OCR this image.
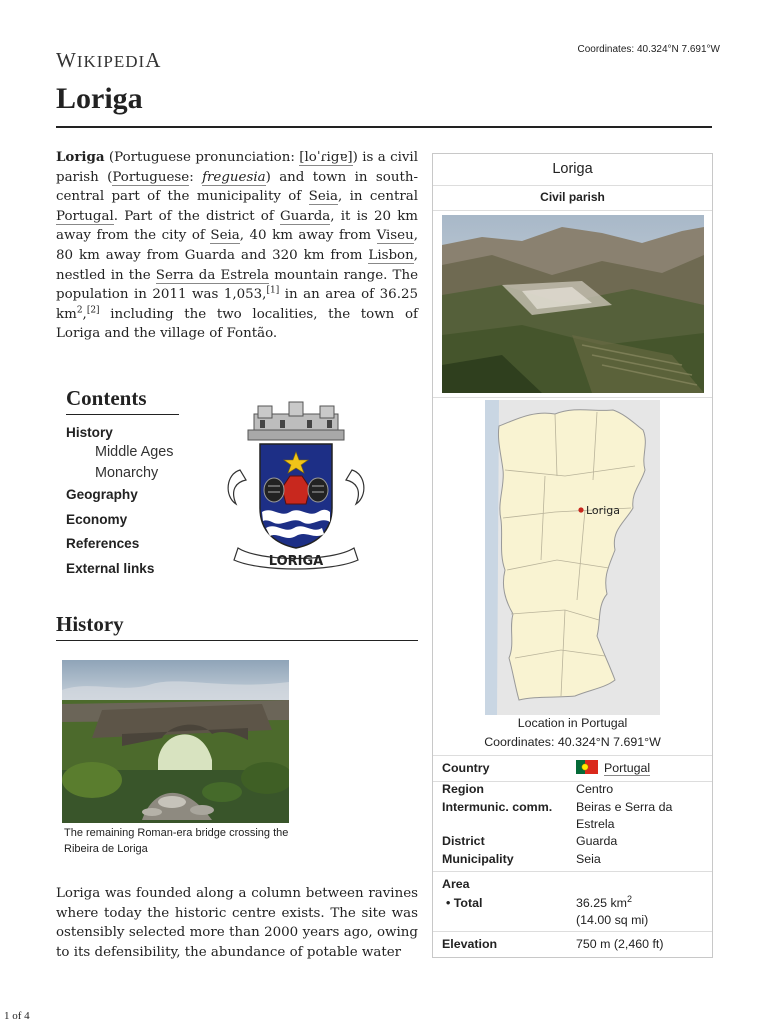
WIKIPEDIA	Coordinates: 40.324°N 7.691°W
Loriga

Loriga (Portuguese pronunciation: [loˈɾigɐ]) is a civil parish (Portuguese: freguesia) and town in south-central part of the municipality of Seia, in central Portugal. Part of the district of Guarda, it is 20 km away from the city of Seia, 40 km away from Viseu, 80 km away from Guarda and 320 km from Lisbon, nestled in the Serra da Estrela mountain range. The population in 2011 was 1,053,[1] in an area of 36.25 $km^2,[2]$ including the two localities, the town of Loriga and the village of Fontão.

Contents
History
Middle Ages
Monarchy
Geography
Economy
References
External links	LORIGA
History

The remaining Roman-era bridge crossing the Ribeira de Loriga

Loriga was founded along a column between ravines where today the historic centre exists. The site was ostensibly selected more than 2000 years ago, owing to its defensibility, the abundance of potable water

Loriga
Civil parish
Loriga
Location in Portugal
Coordinates: 40.324°N 7.691°W
Country	Portugal
Region	Centro
Intermunic. comm.	Beiras e Serra da Estrela
District	Guarda
Municipality	Seia
Area
• Total	36.25 $km^2$
(14.00 sq mi)
Elevation	750 m (2,460 ft)
1 of 4
